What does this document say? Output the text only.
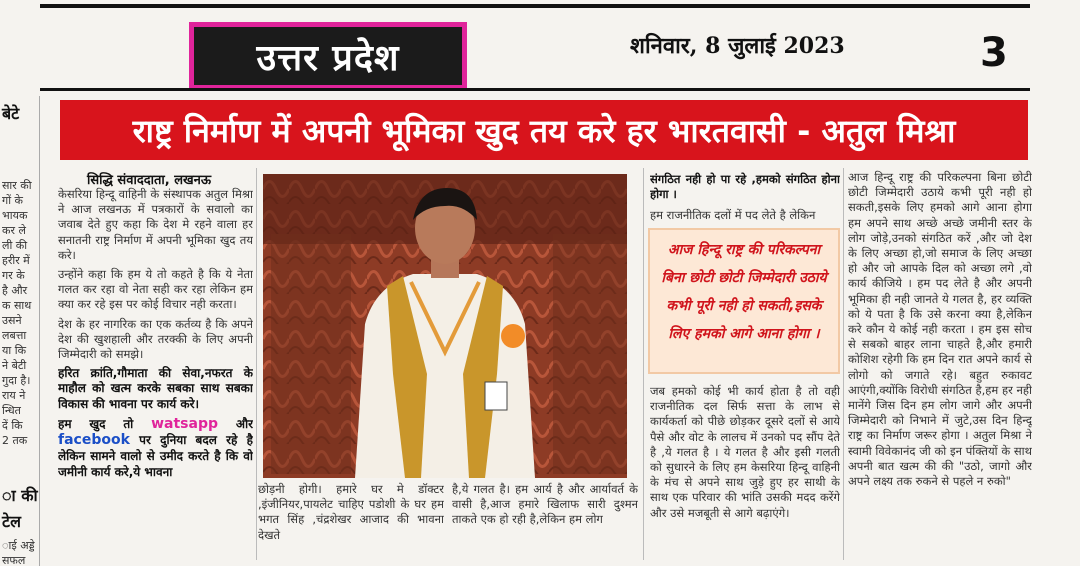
उत्तर प्रदेश	शनिवार, 8 जुलाई 2023	3
बेटे
सार की
गों के
भायक
कर ले
ली की
हरीर में
गर के
है और
क साथ
उसने
लबत्ता
या कि
ने बेटी
गुदा है।
राय ने
न्धित
दें कि
2 तक
ा की
टेल
ाई अड्डे
सफल
राष्ट्र निर्माण में अपनी भूमिका खुद तय करे हर भारतवासी - अतुल मिश्रा
सिद्धि संवाददाता, लखनऊ

केसरिया हिन्दू वाहिनी के संस्थापक अतुल मिश्रा ने आज लखनऊ में पत्रकारों के सवालो का जवाब देते हुए कहा कि देश मे रहने वाला हर सनातनी राष्ट्र निर्माण में अपनी भूमिका खुद तय करे।

उन्होंने कहा कि हम ये तो कहते है कि ये नेता गलत कर रहा वो नेता सही कर रहा लेकिन हम क्या कर रहे इस पर कोई विचार नही करता।

देश के हर नागरिक का एक कर्तव्य है कि अपने देश की खुशहाली और तरक्की के लिए अपनी जिम्मेदारी को समझे।

हरित क्रांति,गौमाता की सेवा,नफरत के माहौल को खत्म करके सबका साथ सबका विकास की भावना पर कार्य करे।

हम खुद तो watsapp और facebook पर दुनिया बदल रहे है लेकिन सामने वालो से उमीद करते है कि वो जमीनी कार्य करे,ये भावना

छोड़नी होगी। हमारे घर मे डॉक्टर ,इंजीनियर,पायलेट चाहिए पडोशी के घर हम भगत सिंह ,चंद्रशेखर आजाद की भावना देखते
है,ये गलत है। हम आर्य है और आर्यावर्त के वासी है,आज हमारे खिलाफ सारी दुश्मन ताकते एक हो रही है,लेकिन हम लोग
संगठित नही हो पा रहे ,हमको संगठित होना होगा ।
हम राजनीतिक दलों में पद लेते है लेकिन
आज हिन्दू राष्ट्र की परिकल्पना बिना छोटी छोटी जिम्मेदारी उठाये कभी पूरी नही हो सकती,इसके लिए हमको आगे आना होगा ।
जब हमको कोई भी कार्य होता है तो वही राजनीतिक दल सिर्फ सत्ता के लाभ से कार्यकर्ता को पीछे छोड़कर दूसरे दलों से आये पैसे और वोट के लालच में उनको पद सौंप देते है ,ये गलत है । ये गलत है और इसी गलती को सुधारने के लिए हम केसरिया हिन्दू वाहिनी के मंच से अपने साथ जुड़े हुए हर साथी के साथ एक परिवार की भांति उसकी मदद करेंगे और उसे मजबूती से आगे बढ़ाएंगे।
आज हिन्दू राष्ट्र की परिकल्पना बिना छोटी छोटी जिम्मेदारी उठाये कभी पूरी नही हो सकती,इसके लिए हमको आगे आना होगा हम अपने साथ अच्छे अच्छे जमीनी स्तर के लोग जोड़े,उनको संगठित करें ,और जो देश के लिए अच्छा हो,जो समाज के लिए अच्छा हो और जो आपके दिल को अच्छा लगे ,वो कार्य कीजिये । हम पद लेते है और अपनी भूमिका ही नही जानते ये गलत है, हर व्यक्ति को ये पता है कि उसे करना क्या है,लेकिन करे कौन ये कोई नही करता । हम इस सोच से सबको बाहर लाना चाहते है,और हमारी कोशिश रहेगी कि हम दिन रात अपने कार्य से लोगो को जगाते रहे। बहुत रुकावट आएंगी,क्योंकि विरोधी संगठित है,हम हर नही मानेंगे जिस दिन हम लोग जागे और अपनी जिम्मेदारी को निभाने में जुटे,उस दिन हिन्दू राष्ट्र का निर्माण जरूर होगा । अतुल मिश्रा ने स्वामी विवेकानंद जी को इन पंक्तियों के साथ अपनी बात खत्म की की "उठो, जागो और अपने लक्ष्य तक रुकने से पहले न रुको"
